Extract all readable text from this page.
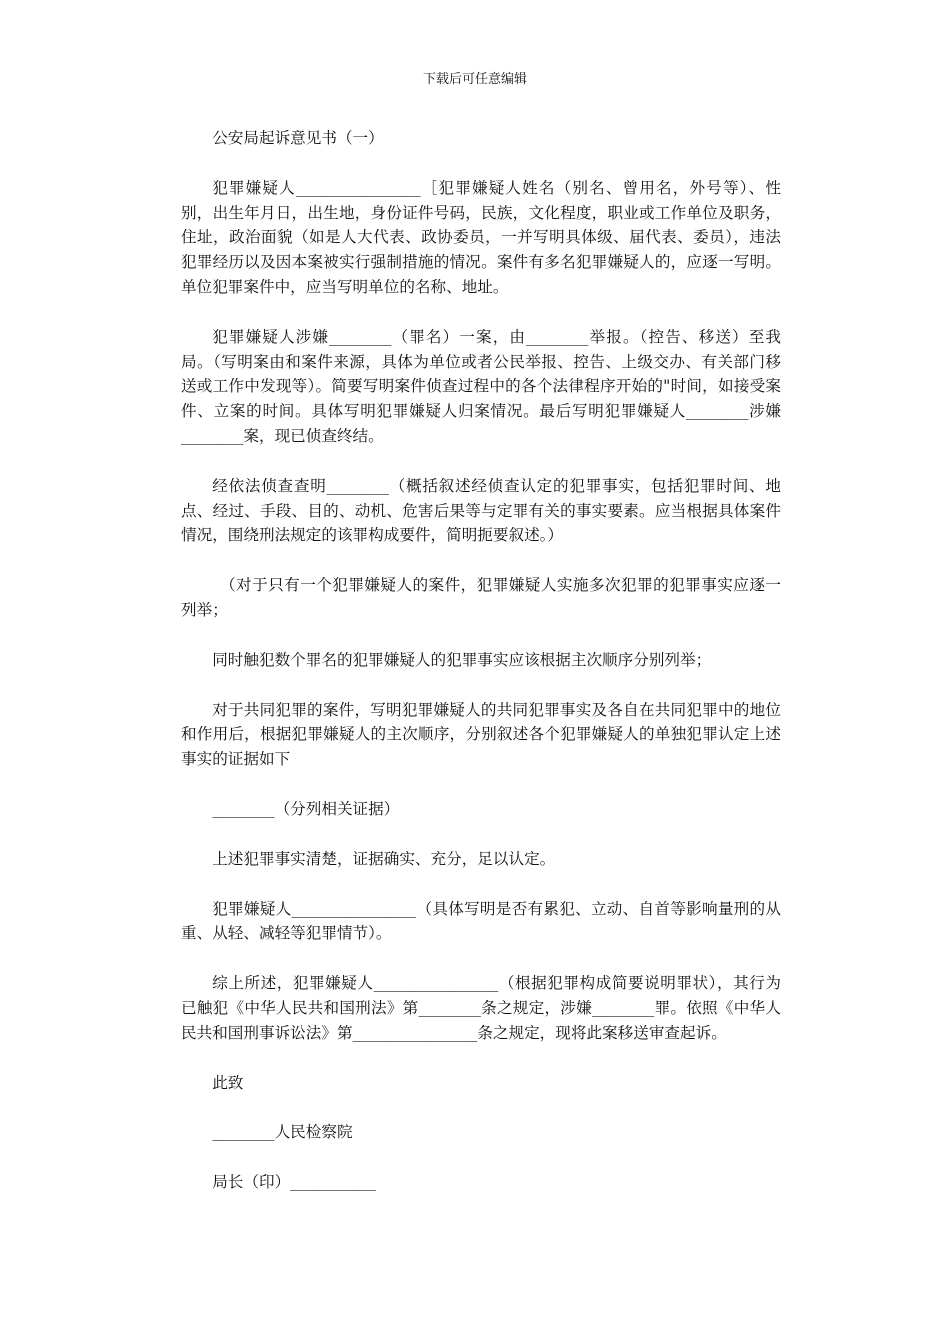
下载后可任意编辑

公安局起诉意见书（一）

犯罪嫌疑人________________［犯罪嫌疑人姓名（别名、曾用名，外号等）、性别，出生年月日，出生地，身份证件号码，民族，文化程度，职业或工作单位及职务，住址，政治面貌（如是人大代表、政协委员，一并写明具体级、届代表、委员），违法犯罪经历以及因本案被实行强制措施的情况。案件有多名犯罪嫌疑人的，应逐一写明。单位犯罪案件中，应当写明单位的名称、地址。

犯罪嫌疑人涉嫌________（罪名）一案，由________举报。（控告、移送）至我局。（写明案由和案件来源，具体为单位或者公民举报、控告、上级交办、有关部门移送或工作中发现等）。简要写明案件侦查过程中的各个法律程序开始的"时间，如接受案件、立案的时间。具体写明犯罪嫌疑人归案情况。最后写明犯罪嫌疑人________涉嫌________案，现已侦查终结。

经依法侦查查明________（概括叙述经侦查认定的犯罪事实，包括犯罪时间、地点、经过、手段、目的、动机、危害后果等与定罪有关的事实要素。应当根据具体案件情况，围绕刑法规定的该罪构成要件，简明扼要叙述。）

（对于只有一个犯罪嫌疑人的案件，犯罪嫌疑人实施多次犯罪的犯罪事实应逐一列举；

同时触犯数个罪名的犯罪嫌疑人的犯罪事实应该根据主次顺序分别列举；

对于共同犯罪的案件，写明犯罪嫌疑人的共同犯罪事实及各自在共同犯罪中的地位和作用后，根据犯罪嫌疑人的主次顺序，分别叙述各个犯罪嫌疑人的单独犯罪认定上述事实的证据如下

________（分列相关证据）

上述犯罪事实清楚，证据确实、充分，足以认定。

犯罪嫌疑人________________（具体写明是否有累犯、立动、自首等影响量刑的从重、从轻、减轻等犯罪情节）。

综上所述，犯罪嫌疑人________________（根据犯罪构成简要说明罪状），其行为已触犯《中华人民共和国刑法》第________条之规定，涉嫌________罪。依照《中华人民共和国刑事诉讼法》第________________条之规定，现将此案移送审查起诉。

此致

________人民检察院

局长（印）___________
